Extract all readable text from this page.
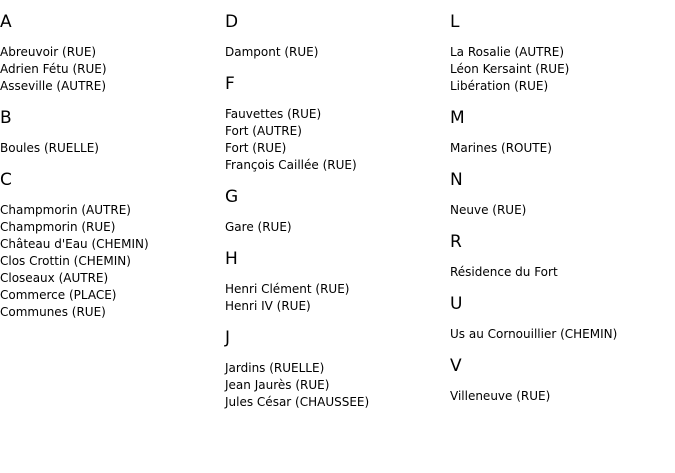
A
Abreuvoir (RUE)
Adrien Fétu (RUE)
Asseville (AUTRE)
B
Boules (RUELLE)
C
Champmorin (AUTRE)
Champmorin (RUE)
Château d'Eau (CHEMIN)
Clos Crottin (CHEMIN)
Closeaux (AUTRE)
Commerce (PLACE)
Communes (RUE)
D
Dampont (RUE)
F
Fauvettes (RUE)
Fort (AUTRE)
Fort (RUE)
François Caillée (RUE)
G
Gare (RUE)
H
Henri Clément (RUE)
Henri IV (RUE)
J
Jardins (RUELLE)
Jean Jaurès (RUE)
Jules César (CHAUSSEE)
L
La Rosalie (AUTRE)
Léon Kersaint (RUE)
Libération (RUE)
M
Marines (ROUTE)
N
Neuve (RUE)
R
Résidence du Fort
U
Us au Cornouillier (CHEMIN)
V
Villeneuve (RUE)
